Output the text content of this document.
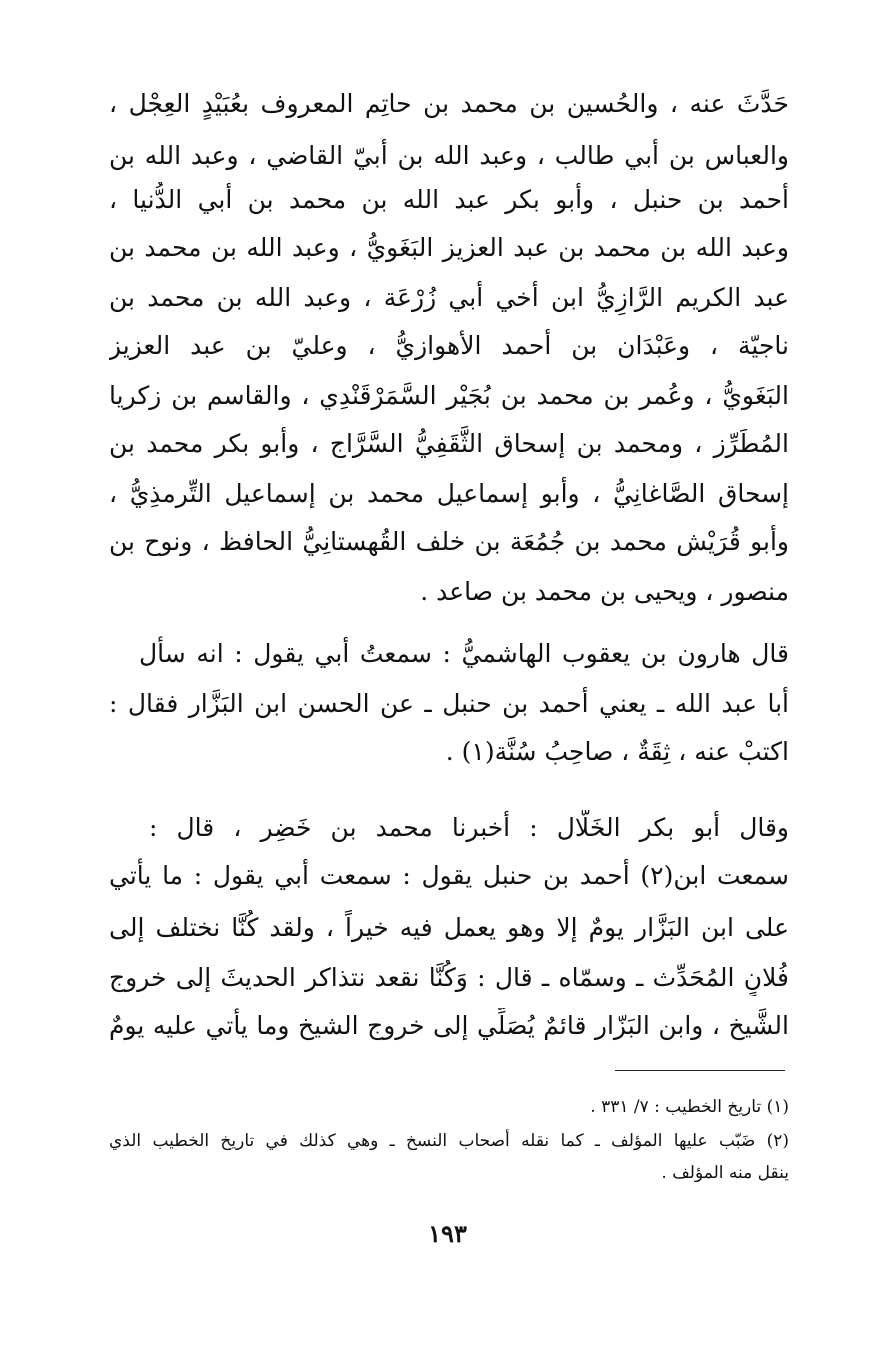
حَدَّثَ عنه ، والحُسين بن محمد بن حاتِم المعروف بعُبَيْدٍ العِجْل ،
والعباس بن أبي طالب ، وعبد الله بن أَبيّ القاضي ، وعبد الله بن
أحمد بن حنبل ، وأبو بكر عبد الله بن محمد بن أبي الدُّنيا ،
وعبد الله بن محمد بن عبد العزيز البَغَويُّ ، وعبد الله بن محمد بن
عبد الكريم الرَّازِيُّ ابن أخي أبي زُرْعَة ، وعبد الله بن محمد بن
ناجيّة ، وعَبْدَان بن أحمد الأهوازيُّ ، وعليّ بن عبد العزيز
البَغَويُّ ، وعُمر بن محمد بن بُجَيْر السَّمَرْقَنْدِي ، والقاسم بن زكريا
المُطَرِّز ، ومحمد بن إسحاق الثَّقَفِيُّ السَّرَّاج ، وأبو بكر محمد بن
إسحاق الصَّاغانِيُّ ، وأبو إسماعيل محمد بن إسماعيل التِّرمذِيُّ ،
وأبو قُرَيْش محمد بن جُمُعَة بن خلف القُهستانِيُّ الحافظ ، ونوح بن
منصور ، ويحيى بن محمد بن صاعد .
قال هارون بن يعقوب الهاشميُّ : سمعتُ أبي يقول : انه سأل
أبا عبد الله ـ يعني أحمد بن حنبل ـ عن الحسن ابن البَزَّار فقال :
اكتبْ عنه ، ثِقَةٌ ، صاحِبُ سُنَّة(١) .
وقال أبو بكر الخَلَّال : أخبرنا محمد بن خَضِر ، قال :
سمعت ابن(٢) أحمد بن حنبل يقول : سمعت أبي يقول : ما يأتي
على ابن البَزَّار يومٌ إلا وهو يعمل فيه خيراً ، ولقد كُنَّا نختلف إلى
فُلانٍ المُحَدِّث ـ وسمّاه ـ قال : وَكُنَّا نقعد نتذاكر الحديثَ إلى خروج
الشَّيخ ، وابن البَزّار قائمٌ يُصَلِّي إلى خروج الشيخ وما يأتي عليه يومٌ
(١) تاريخ الخطيب : ٧/ ٣٣١ .
(٢) ضَبّب عليها المؤلف ـ كما نقله أصحاب النسخ ـ وهي كذلك في تاريخ الخطيب الذي
ينقل منه المؤلف .
١٩٣
